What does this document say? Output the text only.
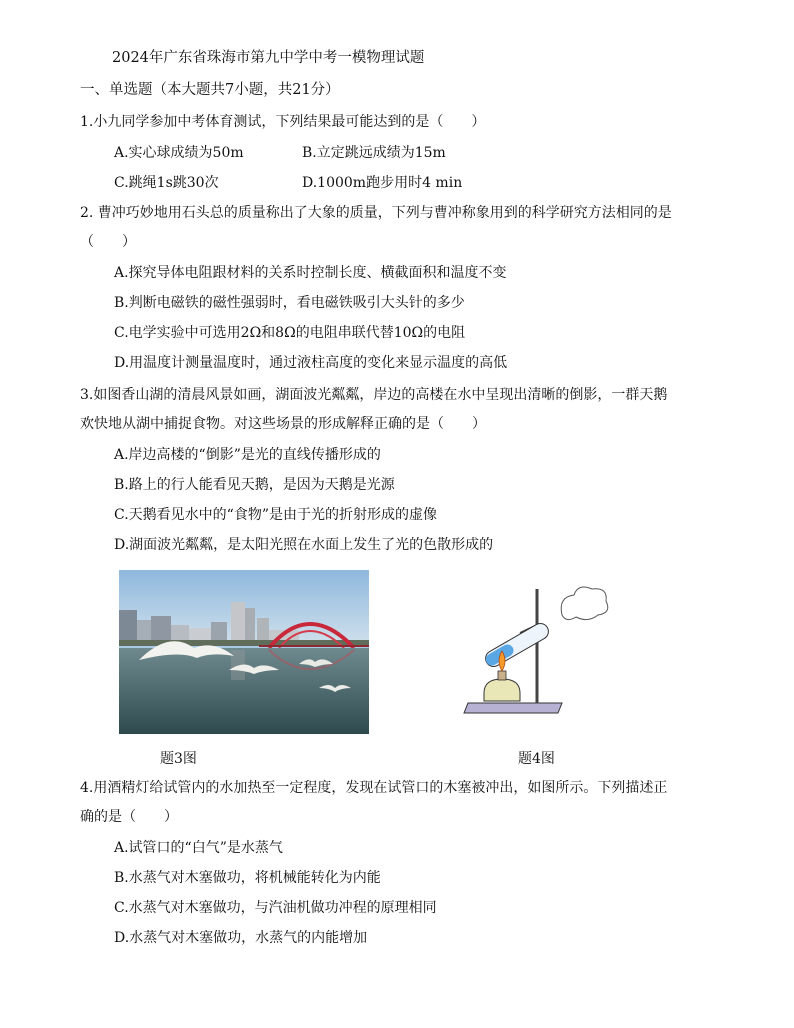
2024年广东省珠海市第九中学中考一模物理试题
一、单选题（本大题共7小题，共21分）
1.小九同学参加中考体育测试，下列结果最可能达到的是（　　）
A.实心球成绩为50m	B.立定跳远成绩为15m
C.跳绳1s跳30次	D.1000m跑步用时4 min
2. 曹冲巧妙地用石头总的质量称出了大象的质量，下列与曹冲称象用到的科学研究方法相同的是
（　　）
A.探究导体电阻跟材料的关系时控制长度、横截面积和温度不变
B.判断电磁铁的磁性强弱时，看电磁铁吸引大头针的多少
C.电学实验中可选用2Ω和8Ω的电阻串联代替10Ω的电阻
D.用温度计测量温度时，通过液柱高度的变化来显示温度的高低
3.如图香山湖的清晨风景如画，湖面波光粼粼，岸边的高楼在水中呈现出清晰的倒影，一群天鹅
欢快地从湖中捕捉食物。对这些场景的形成解释正确的是（　　）
A.岸边高楼的“倒影”是光的直线传播形成的
B.路上的行人能看见天鹅，是因为天鹅是光源
C.天鹅看见水中的“食物”是由于光的折射形成的虚像
D.湖面波光粼粼，是太阳光照在水面上发生了光的色散形成的
题3图	题4图
4.用酒精灯给试管内的水加热至一定程度，发现在试管口的木塞被冲出，如图所示。下列描述正
确的是（　　）
A.试管口的“白气”是水蒸气
B.水蒸气对木塞做功，将机械能转化为内能
C.水蒸气对木塞做功，与汽油机做功冲程的原理相同
D.水蒸气对木塞做功，水蒸气的内能增加
